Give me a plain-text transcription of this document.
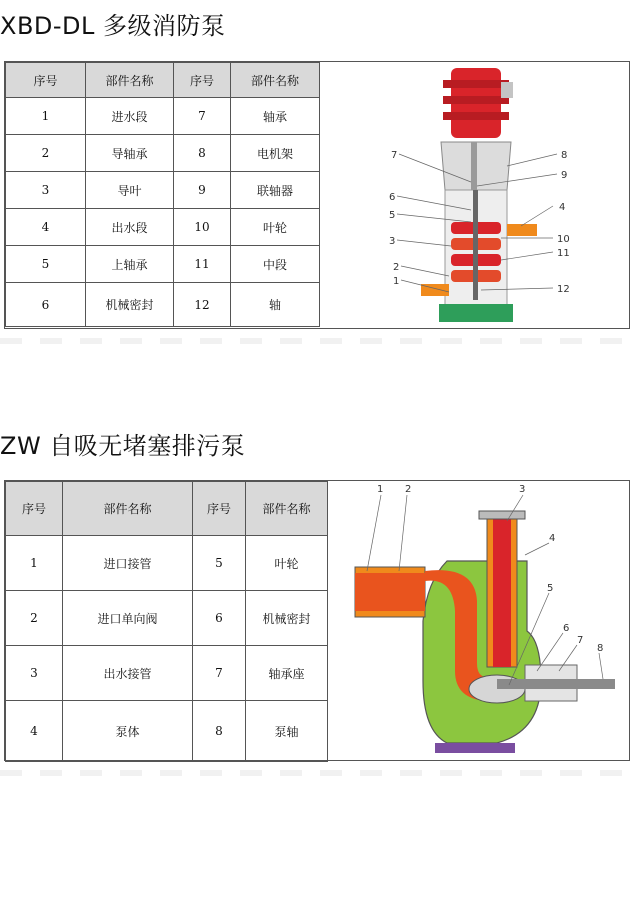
XBD-DL 多级消防泵
序号	部件名称	序号	部件名称
1	进水段	7	轴承
2	导轴承	8	电机架
3	导叶	9	联轴器
4	出水段	10	叶轮
5	上轴承	11	中段
6	机械密封	12	轴
1
2
3
4
5
6
7	8
9
10
11
12
ZW 自吸无堵塞排污泵
序号	部件名称	序号	部件名称
1	进口接管	5	叶轮
2	进口单向阀	6	机械密封
3	出水接管	7	轴承座
4	泵体	8	泵轴
1 2	3
4
5
6
7
8
